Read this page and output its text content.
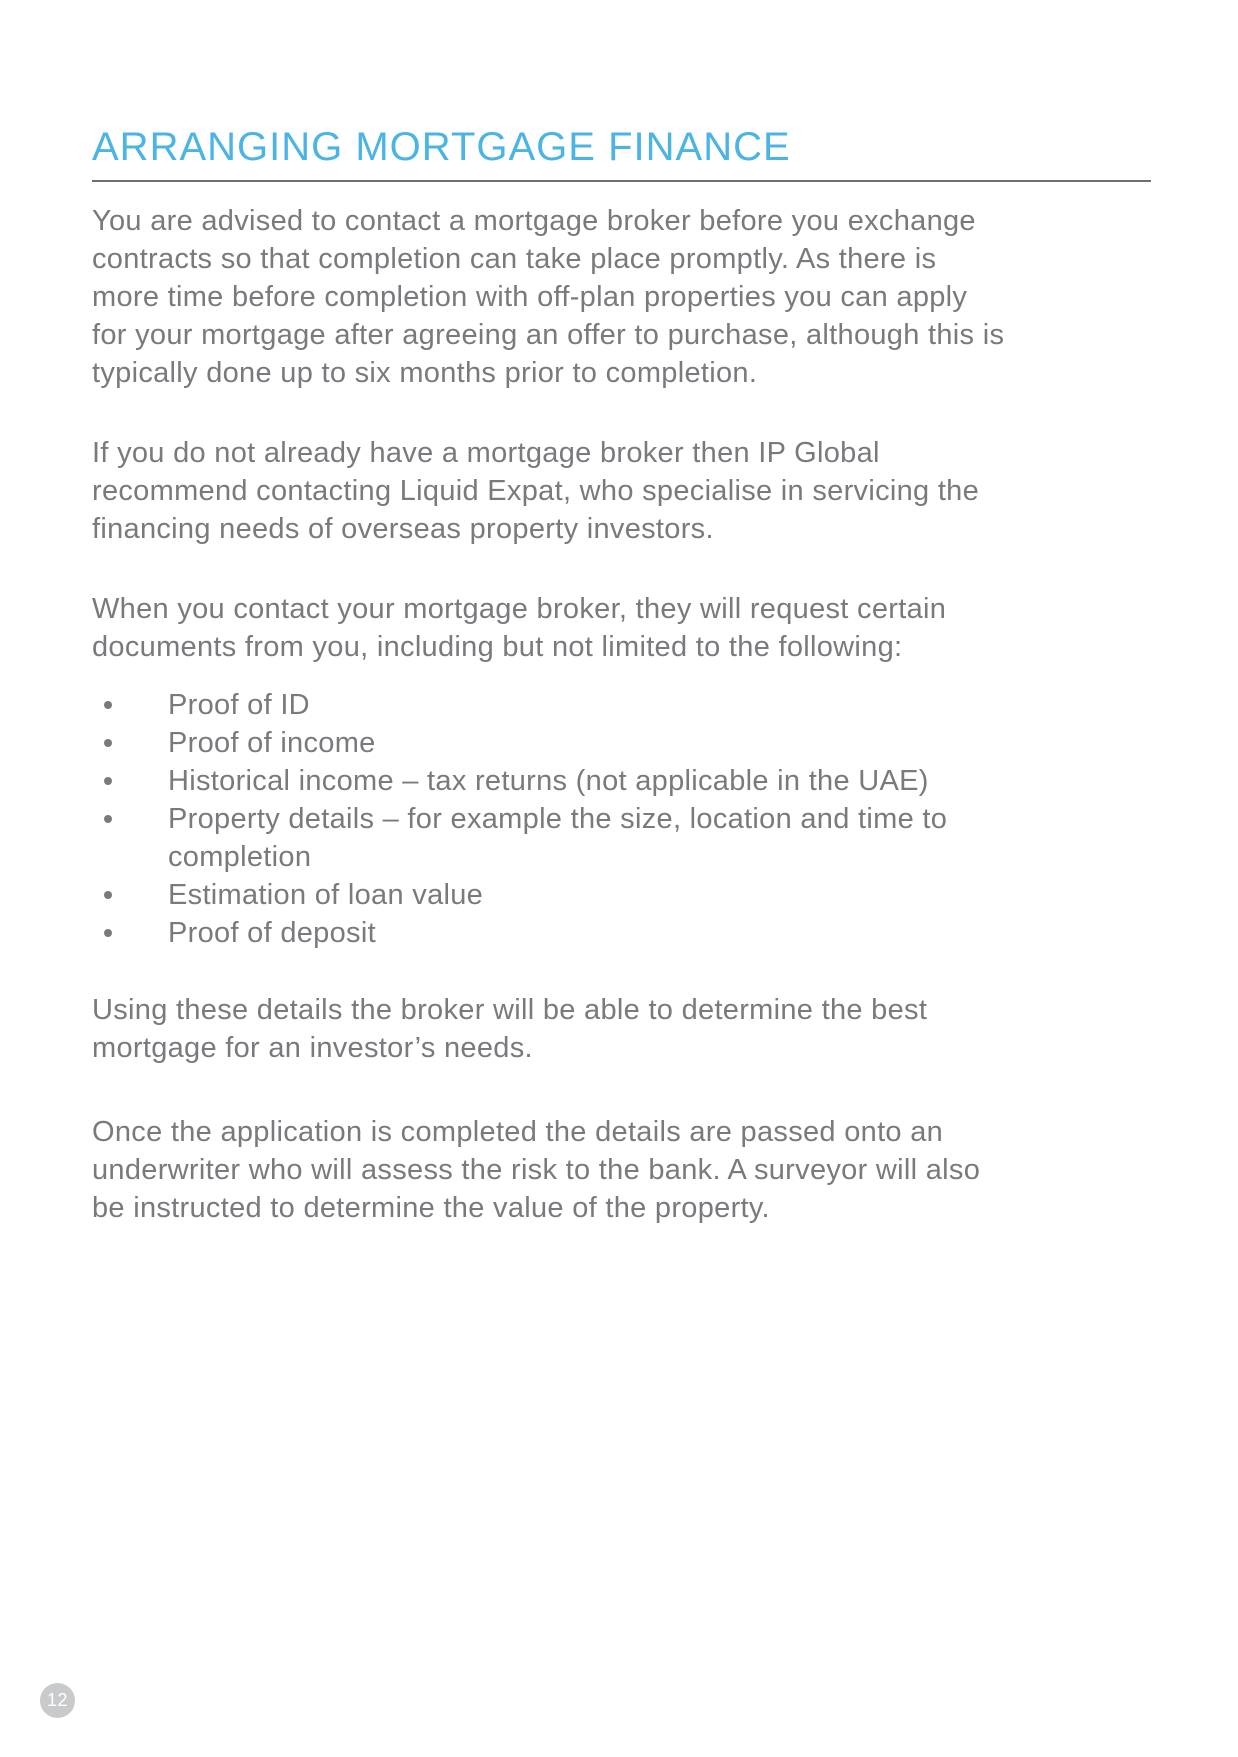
ARRANGING MORTGAGE FINANCE

You are advised to contact a mortgage broker before you exchange
contracts so that completion can take place promptly. As there is
more time before completion with off-plan properties you can apply
for your mortgage after agreeing an offer to purchase, although this is
typically done up to six months prior to completion.

If you do not already have a mortgage broker then IP Global
recommend contacting Liquid Expat, who specialise in servicing the
financing needs of overseas property investors.

When you contact your mortgage broker, they will request certain
documents from you, including but not limited to the following:

Proof of ID
Proof of income
Historical income – tax returns (not applicable in the UAE)
Property details – for example the size, location and time to
completion
Estimation of loan value
Proof of deposit

Using these details the broker will be able to determine the best
mortgage for an investor’s needs.

Once the application is completed the details are passed onto an
underwriter who will assess the risk to the bank. A surveyor will also
be instructed to determine the value of the property.

12
